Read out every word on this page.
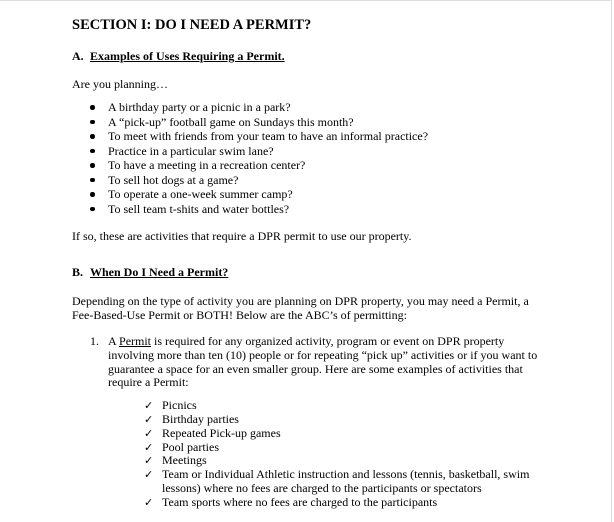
SECTION I: DO I NEED A PERMIT?
A. Examples of Uses Requiring a Permit.

Are you planning…

A birthday party or a picnic in a park?
A “pick-up” football game on Sundays this month?
To meet with friends from your team to have an informal practice?
Practice in a particular swim lane?
To have a meeting in a recreation center?
To sell hot dogs at a game?
To operate a one-week summer camp?
To sell team t-shits and water bottles?

If so, these are activities that require a DPR permit to use our property.

B. When Do I Need a Permit?

Depending on the type of activity you are planning on DPR property, you may need a Permit, a Fee-Based-Use Permit or BOTH! Below are the ABC’s of permitting:

1. A Permit is required for any organized activity, program or event on DPR property involving more than ten (10) people or for repeating “pick up” activities or if you want to guarantee a space for an even smaller group. Here are some examples of activities that require a Permit:
✓ Picnics
✓ Birthday parties
✓ Repeated Pick-up games
✓ Pool parties
✓ Meetings
✓ Team or Individual Athletic instruction and lessons (tennis, basketball, swim lessons) where no fees are charged to the participants or spectators
✓ Team sports where no fees are charged to the participants
